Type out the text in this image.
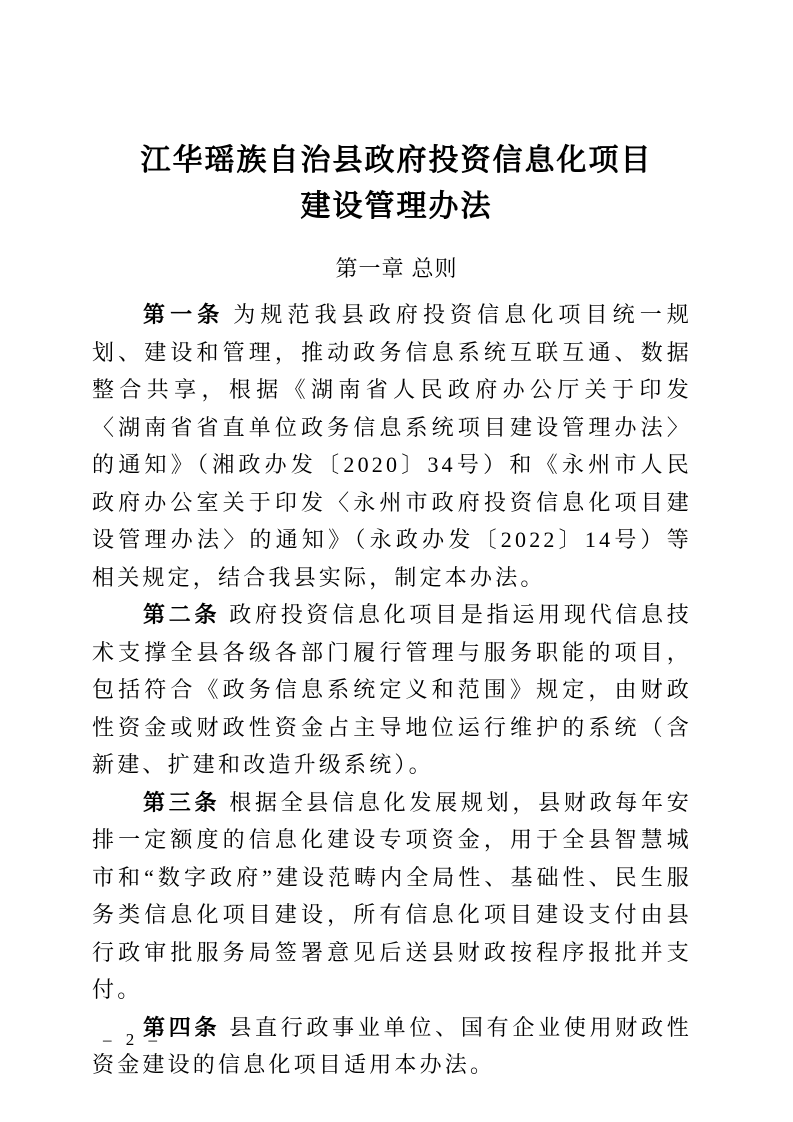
江华瑶族自治县政府投资信息化项目
建设管理办法
第一章 总则

第一条 为规范我县政府投资信息化项目统一规划、建设和管理，推动政务信息系统互联互通、数据整合共享，根据《湖南省人民政府办公厅关于印发〈湖南省省直单位政务信息系统项目建设管理办法〉的通知》（湘政办发〔2020〕34号）和《永州市人民政府办公室关于印发〈永州市政府投资信息化项目建设管理办法〉的通知》（永政办发〔2022〕14号）等相关规定，结合我县实际，制定本办法。

第二条 政府投资信息化项目是指运用现代信息技术支撑全县各级各部门履行管理与服务职能的项目，包括符合《政务信息系统定义和范围》规定，由财政性资金或财政性资金占主导地位运行维护的系统（含新建、扩建和改造升级系统）。

第三条 根据全县信息化发展规划，县财政每年安排一定额度的信息化建设专项资金，用于全县智慧城市和“数字政府”建设范畴内全局性、基础性、民生服务类信息化项目建设，所有信息化项目建设支付由县行政审批服务局签署意见后送县财政按程序报批并支付。

第四条 县直行政事业单位、国有企业使用财政性资金建设的信息化项目适用本办法。

– 2 –
